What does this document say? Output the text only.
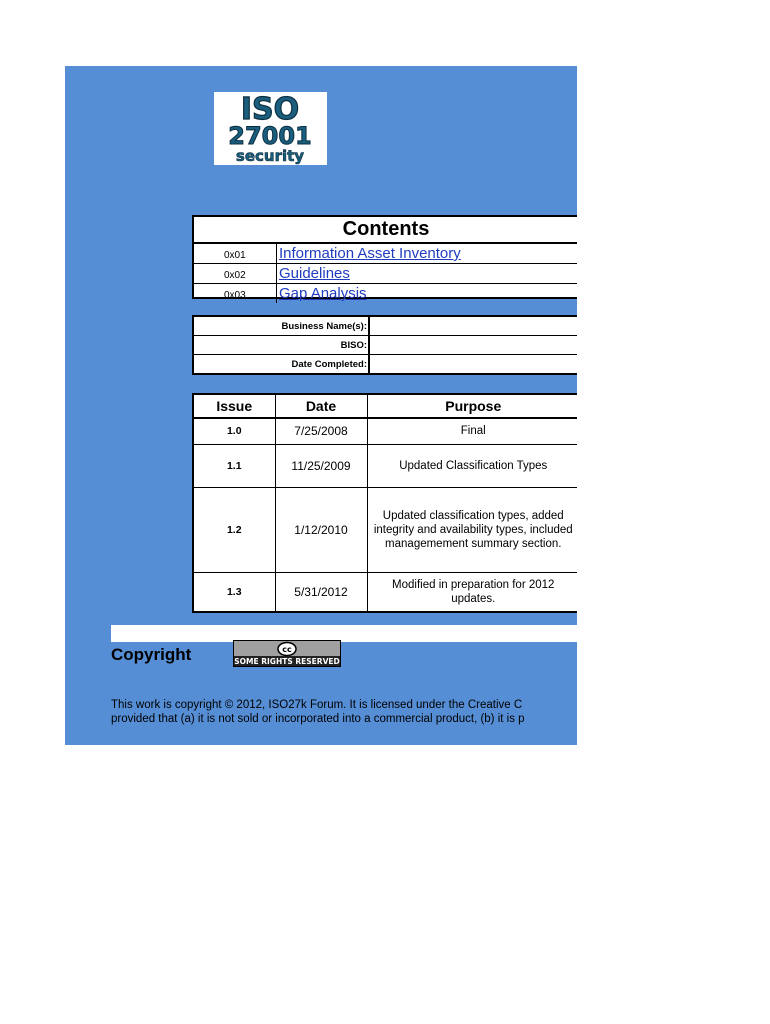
ISO
27001
security
Contents
0x01 Information Asset Inventory
0x02 Guidelines
0x03 Gap Analysis
Business Name(s):
BISO:
Date Completed:
Issue	Date	Purpose
1.0	7/25/2008	Final
1.1	11/25/2009	Updated Classification Types
1.2	1/12/2010	Updated classification types, added integrity and availability types, included managemement summary section.
1.3	5/31/2012	Modified in preparation for 2012 updates.
Copyright	cc
SOME RIGHTS RESERVED
This work is copyright © 2012, ISO27k Forum. It is licensed under the Creative C
provided that (a) it is not sold or incorporated into a commercial product, (b) it is p
